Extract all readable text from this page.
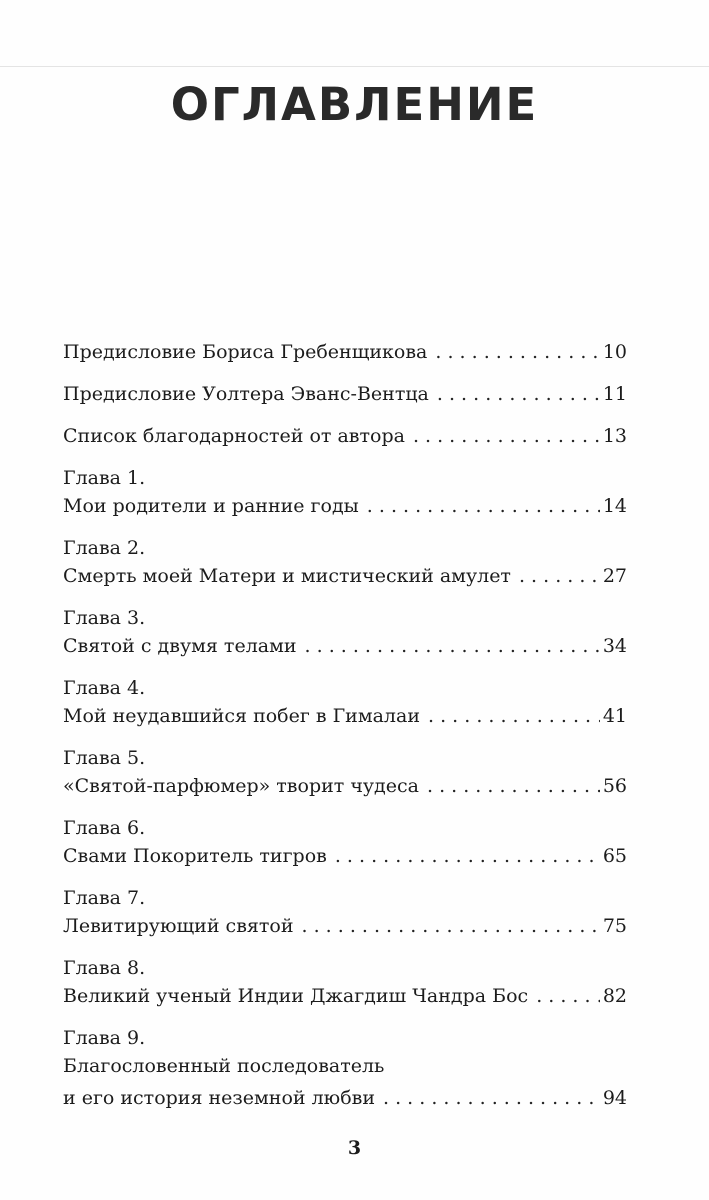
ОГЛАВЛЕНИЕ
Предисловие Бориса Гребенщикова . . .	10
Предисловие Уолтера Эванс-Вентца . . .	11
Список благодарностей от автора . . .	13
Глава 1.
Мои родители и ранние годы . . .	14
Глава 2.
Смерть моей Матери и мистический амулет . . .	27
Глава 3.
Святой с двумя телами . . .	34
Глава 4.
Мой неудавшийся побег в Гималаи . . .	41
Глава 5.
«Святой-парфюмер» творит чудеса . . .	56
Глава 6.
Свами Покоритель тигров . . .	65
Глава 7.
Левитирующий святой . . .	75
Глава 8.
Великий ученый Индии Джагдиш Чандра Бос . . .	82
Глава 9.
Благословенный последователь
и его история неземной любви . . .	94
3
